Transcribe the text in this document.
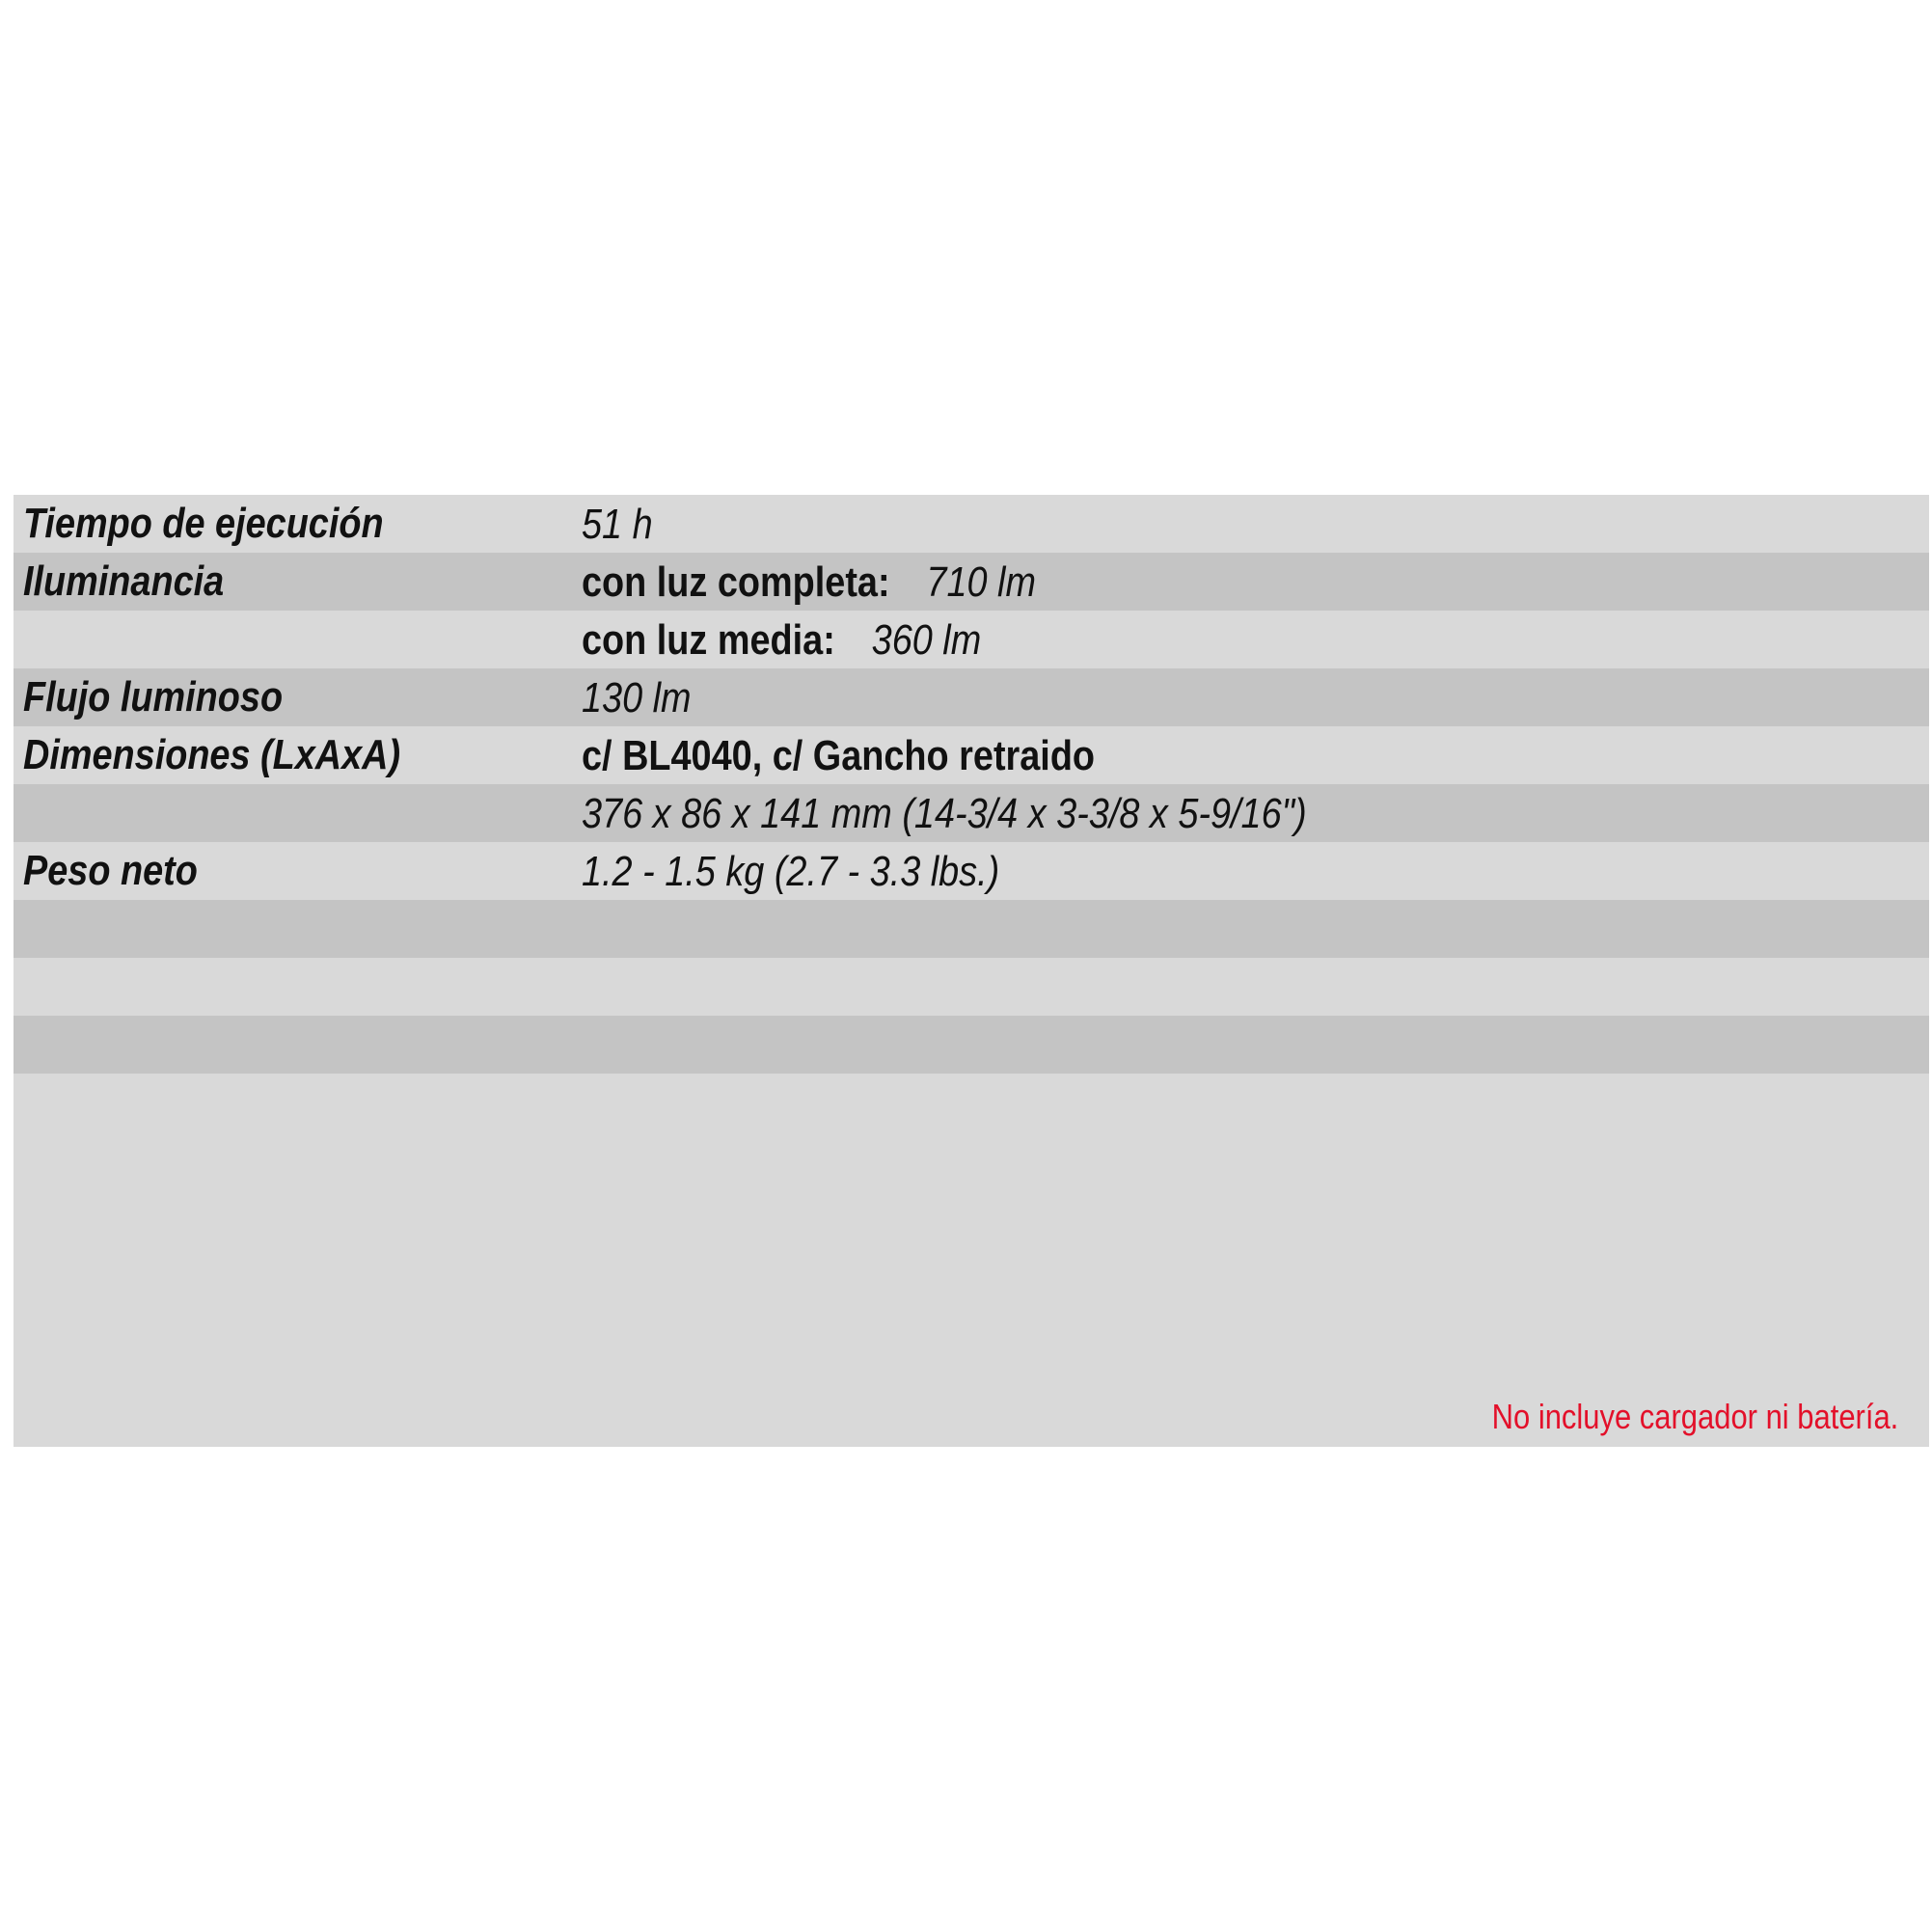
Tiempo de ejecución	51 h
Iluminancia	con luz completa: 710 lm
con luz media: 360 lm
Flujo luminoso	130 lm
Dimensiones (LxAxA)	c/ BL4040, c/ Gancho retraido
376 x 86 x 141 mm (14-3/4 x 3-3/8 x 5-9/16")
Peso neto	1.2 - 1.5 kg (2.7 - 3.3 lbs.)
No incluye cargador ni batería.
